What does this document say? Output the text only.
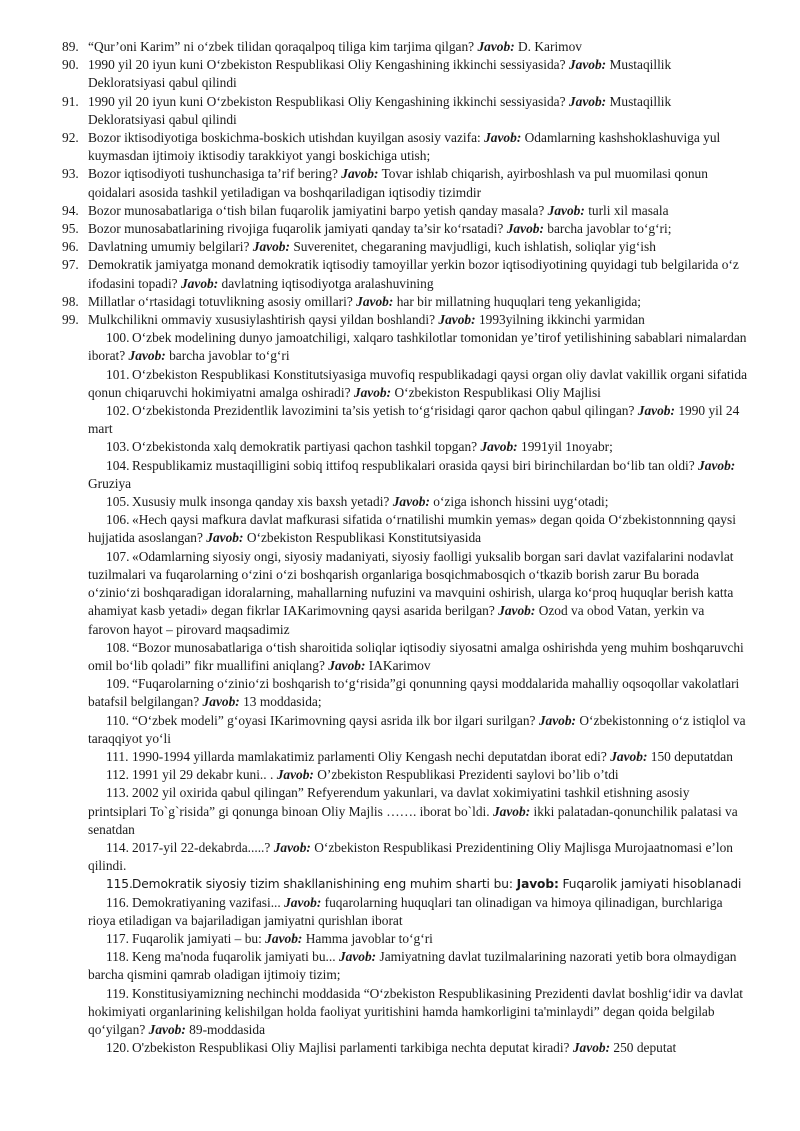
89. “Qur’oni Karim” ni o‘zbek tilidan qoraqalpoq tiligа kim tarjima qilgan? Javob: D. Karimov
90. 1990 yil 20 iyun kuni O‘zbekiston Respublikasi Oliy Kengashining ikkinchi sessiyasida? Javob: Mustaqillik Dekloratsiyasi qabul qilindi
91. 1990 yil 20 iyun kuni O‘zbekiston Respublikasi Oliy Kengashining ikkinchi sessiyasida? Javob: Mustaqillik Dekloratsiyasi qabul qilindi
92. Bozor iktisodiyotiga boskichma-boskich utishdan kuyilgan asosiy vazifa: Javob: Odamlarning kashshoklashuviga yul kuymasdan ijtimoiy iktisodiy tarakkiyot yangi boskichiga utish;
93. Bozor iqtisodiyoti tushunchasiga ta’rif bering? Javob: Tovar ishlab chiqarish, ayirboshlash va pul muomilasi qonun qoidalari asosida tashkil yetiladigan va boshqariladigan iqtisodiy tizimdir
94. Bozor munosabatlariga o‘tish bilan fuqarolik jamiyatini barpo yetish qanday masala? Javob: turli xil masala
95. Bozor munosabatlarining rivojiga fuqarolik jamiyati qanday ta’sir ko‘rsatadi? Javob: barcha javoblar to‘g‘ri;
96. Davlatning umumiy belgilari? Javob: Suverenitet, chegaraning mavjudligi, kuch ishlatish, soliqlar yig‘ish
97. Demokratik jamiyatga monand demokratik iqtisodiy tamoyillar yerkin bozor iqtisodiyotining quyidagi tub belgilarida o‘z ifodasini topadi? Javob: davlatning iqtisodiyotga aralashuvining
98. Millatlar o‘rtasidagi totuvlikning asosiy omillari? Javob: har bir millatning huquqlari teng yekanligida;
99. Mulkchilikni ommaviy xususiylashtirish qaysi yildan boshlandi? Javob: 1993yilning ikkinchi yarmidan
100. O‘zbek modelining dunyo jamoatchiligi, xalqaro tashkilotlar tomonidan ye’tirof yetilishining sabablari nimalardan iborat? Javob: barcha javoblar to‘g‘ri
101. O‘zbekiston Respublikasi Konstitutsiyasiga muvofiq respublikadagi qaysi organ oliy davlat vakillik organi sifatida qonun chiqaruvchi hokimiyatni amalga oshiradi? Javob: O‘zbekiston Respublikasi Oliy Majlisi
102. O‘zbekistonda Prezidentlik lavozimini ta’sis yetish to‘g‘risidagi qaror qachon qabul qilingan? Javob: 1990 yil 24 mart
103. O‘zbekistonda xalq demokratik partiyasi qachon tashkil topgan? Javob: 1991yil 1noyabr;
104. Respublikamiz mustaqilligini sobiq ittifoq respublikalari orasida qaysi biri birinchilardan bo‘lib tan oldi? Javob: Gruziya
105. Xususiy mulk insonga qanday xis baxsh yetadi? Javob: o‘ziga ishonch hissini uyg‘otadi;
106. «Hech qaysi mafkura davlat mafkurasi sifatida o‘rnatilishi mumkin yemas» degan qoida O‘zbekistonnning qaysi hujjatida asoslangan? Javob: O‘zbekiston Respublikasi Konstitutsiyasida
107. «Odamlarning siyosiy ongi, siyosiy madaniyati, siyosiy faolligi yuksalib borgan sari davlat vazifalarini nodavlat tuzilmalari va fuqarolarning o‘zini o‘zi boshqarish organlariga bosqichmabosqich o‘tkazib borish zarur Bu borada o‘zinio‘zi boshqaradigan idoralarning, mahallarning nufuzini va mavquini oshirish, ularga ko‘proq huquqlar berish katta ahamiyat kasb yetadi» degan fikrlar IAKarimovning qaysi asarida berilgan? Javob: Ozod va obod Vatan, yerkin va farovon hayot – pirovard maqsadimiz
108. “Bozor munosabatlariga o‘tish sharoitida soliqlar iqtisodiy siyosatni amalga oshirishda yeng muhim boshqaruvchi omil bo‘lib qoladi” fikr muallifini aniqlang? Javob: IAKarimov
109. “Fuqarolarning o‘zinio‘zi boshqarish to‘g‘risida”gi qonunning qaysi moddalarida mahalliy oqsoqollar vakolatlari batafsil belgilangan? Javob: 13 moddasida;
110. “O‘zbek modeli” g‘oyasi IKarimovning qaysi asrida ilk bor ilgari surilgan? Javob: O‘zbekistonning o‘z istiqlol va taraqqiyot yo‘li
111. 1990-1994 yillarda mamlakatimiz parlamenti Oliy Kengash nechi deputatdan iborat edi? Javob: 150 deputatdan
112. 1991 yil 29 dekabr kuni.. . Javob: O’zbekiston Respublikasi Prezidenti saylovi bo’lib o’tdi
113. 2002 yil oxirida qabul qilingan” Refyerendum yakunlari, va davlat xokimiyatini tashkil etishning asosiy printsiplari To`g`risida” gi qonunga binoan Oliy Majlis ……. iborat bo`ldi. Javob: ikki palatadan-qonunchilik palatasi va senatdan
114. 2017-yil 22-dekabrda.....? Javob: O‘zbekiston Respublikasi Prezidentining Oliy Majlisga Murojaatnomasi e’lon qilindi.
115. Demokratik siyosiy tizim shakllanishining eng muhim sharti bu: Javob: Fuqarolik jamiyati hisoblanadi
116. Demokratiyaning vazifasi... Javob: fuqarolarning huquqlari tan olinadigan va himoya qilinadigan, burchlariga rioya etiladigan va bajariladigan jamiyatni qurishlan iborat
117. Fuqarolik jamiyati – bu: Javob: Hamma javoblar to‘g‘ri
118. Keng ma'noda fuqarolik jamiyati bu... Javob: Jamiyatning davlat tuzilmalarining nazorati yetib bora olmaydigan barcha qismini qamrab oladigan ijtimoiy tizim;
119. Konstitusiyamizning nechinchi moddasida “O‘zbekiston Respublikasining Prezidenti davlat boshlig‘idir va davlat hokimiyati organlarining kelishilgan holda faoliyat yuritishini hamda hamkorligini ta'minlaydi” degan qoida belgilab qo‘yilgan? Javob: 89-moddasida
120. O'zbekiston Respublikasi Oliy Majlisi parlamenti tarkibiga nechta deputat kiradi? Javob: 250 deputat
